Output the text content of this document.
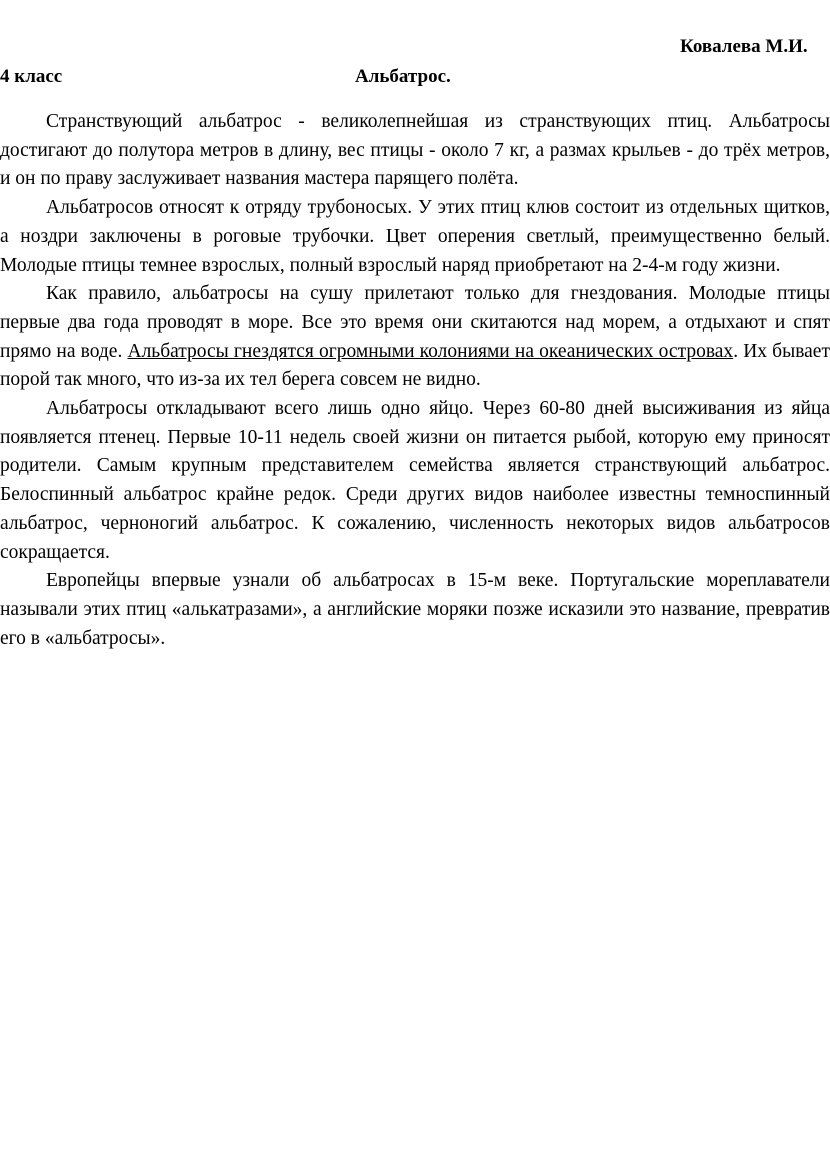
Ковалева М.И.
4 класс	Альбатрос.

Странствующий альбатрос - великолепнейшая из странствующих птиц. Альбатросы достигают до полутора метров в длину, вес птицы - около 7 кг, а размах крыльев - до трёх метров, и он по праву заслуживает названия мастера парящего полёта.

Альбатросов относят к отряду трубоносых. У этих птиц клюв состоит из отдельных щитков, а ноздри заключены в роговые трубочки. Цвет оперения светлый, преимущественно белый. Молодые птицы темнее взрослых, полный взрослый наряд приобретают на 2-4-м году жизни.

Как правило, альбатросы на сушу прилетают только для гнездования. Молодые птицы первые два года проводят в море. Все это время они скитаются над морем, а отдыхают и спят прямо на воде. Альбатросы гнездятся огромными колониями на океанических островах. Их бывает порой так много, что из-за их тел берега совсем не видно.

Альбатросы откладывают всего лишь одно яйцо. Через 60-80 дней высиживания из яйца появляется птенец. Первые 10-11 недель своей жизни он питается рыбой, которую ему приносят родители. Самым крупным представителем семейства является странствующий альбатрос. Белоспинный альбатрос крайне редок. Среди других видов наиболее известны темноспинный альбатрос, черноногий альбатрос. К сожалению, численность некоторых видов альбатросов сокращается.

Европейцы впервые узнали об альбатросах в 15-м веке. Португальские мореплаватели называли этих птиц «алькатразами», а английские моряки позже исказили это название, превратив его в «альбатросы».
